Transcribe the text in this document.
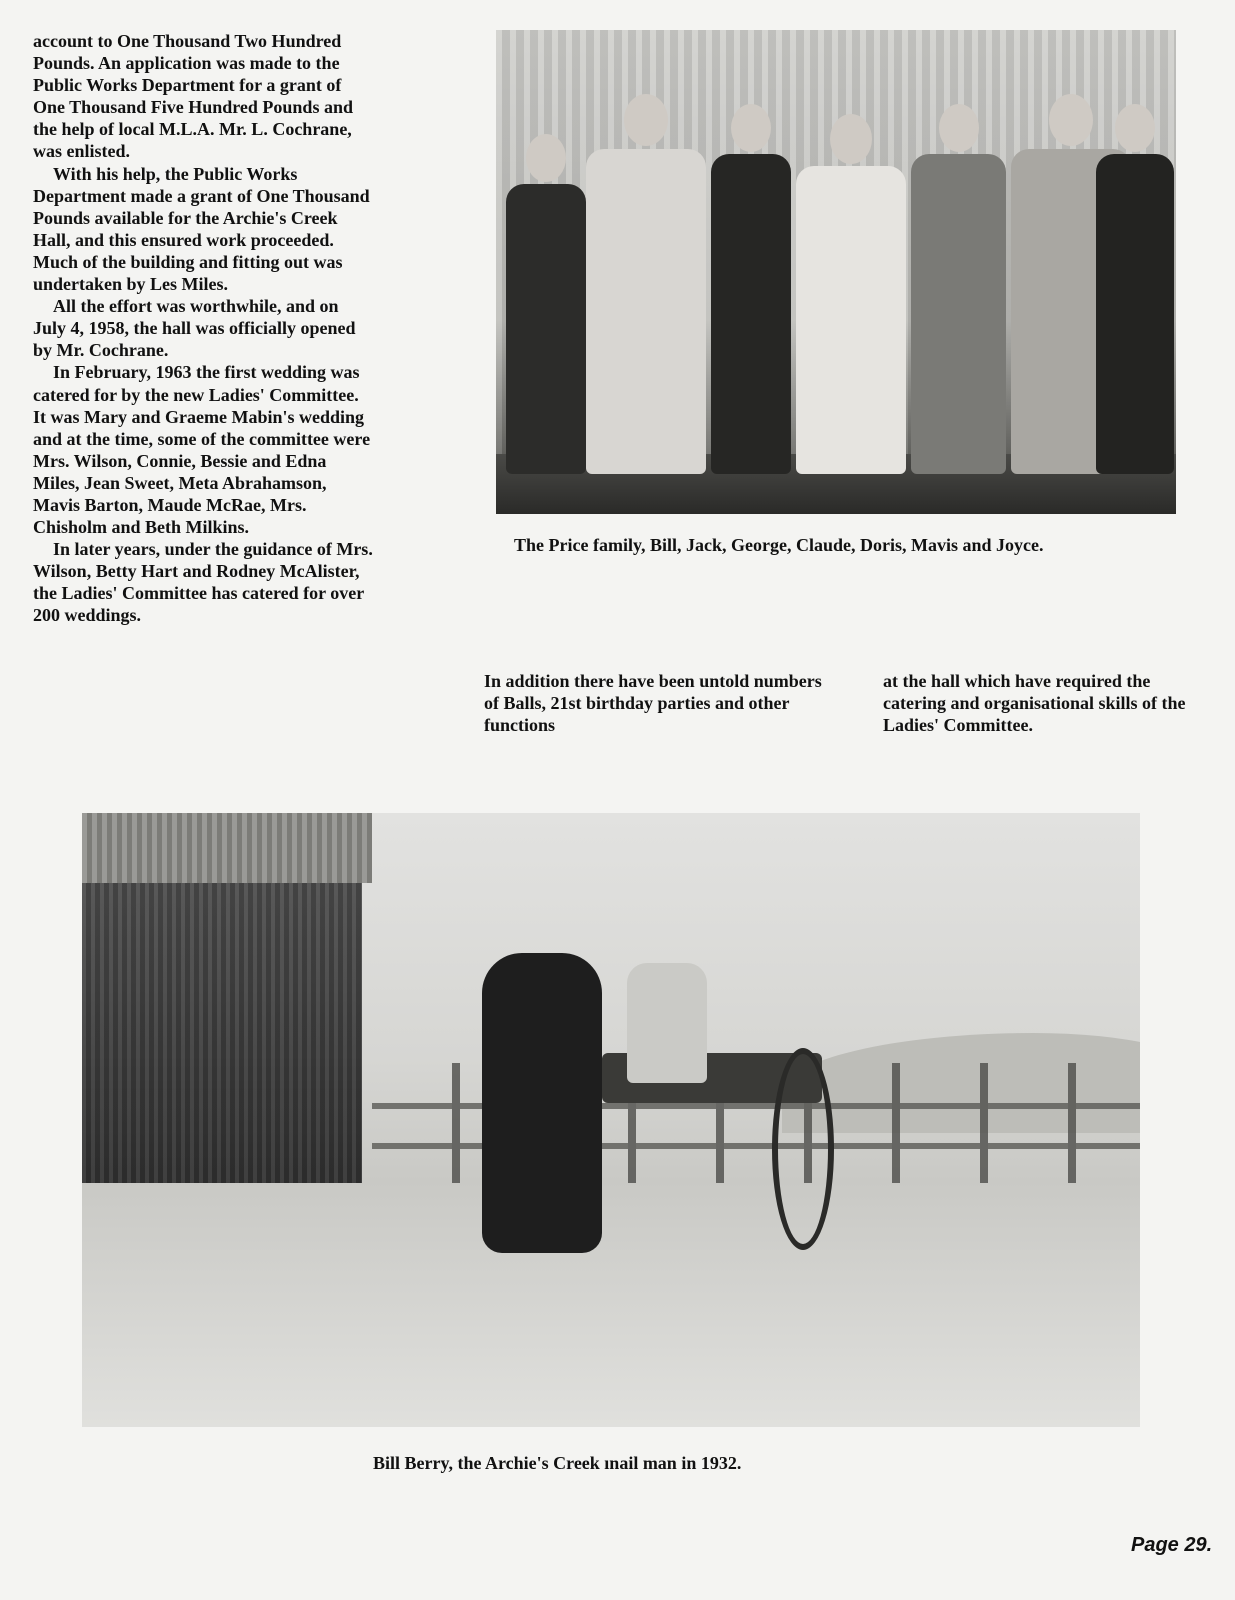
account to One Thousand Two Hundred Pounds. An application was made to the Public Works Department for a grant of One Thousand Five Hundred Pounds and the help of local M.L.A. Mr. L. Cochrane, was enlisted.

With his help, the Public Works Department made a grant of One Thousand Pounds available for the Archie's Creek Hall, and this ensured work proceeded. Much of the building and fitting out was undertaken by Les Miles.

All the effort was worthwhile, and on July 4, 1958, the hall was officially opened by Mr. Cochrane.

In February, 1963 the first wedding was catered for by the new Ladies' Committee. It was Mary and Graeme Mabin's wedding and at the time, some of the committee were Mrs. Wilson, Connie, Bessie and Edna Miles, Jean Sweet, Meta Abrahamson, Mavis Barton, Maude McRae, Mrs. Chisholm and Beth Milkins.

In later years, under the guidance of Mrs. Wilson, Betty Hart and Rodney McAlister, the Ladies' Committee has catered for over 200 weddings.

The Price family, Bill, Jack, George, Claude, Doris, Mavis and Joyce.
In addition there have been untold numbers of Balls, 21st birthday parties and other functions
at the hall which have required the catering and organisational skills of the Ladies' Committee.
Bill Berry, the Archie's Creek ınail man in 1932.
Page 29.
